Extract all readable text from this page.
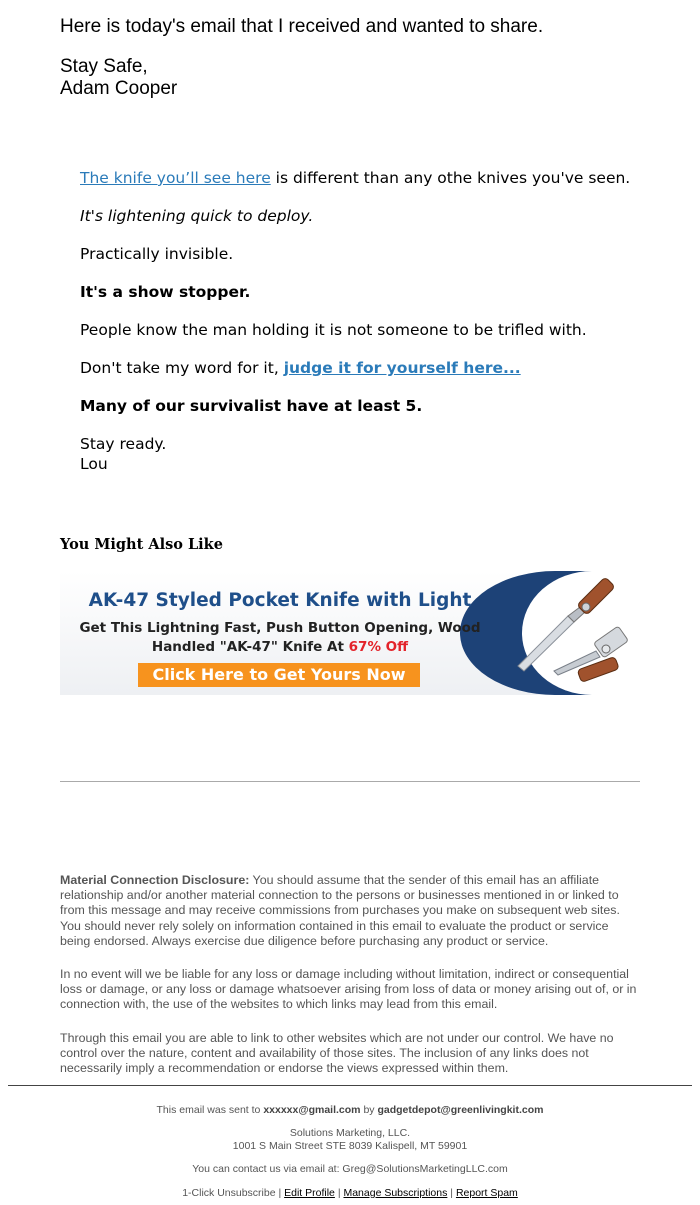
Here is today's email that I received and wanted to share.

Stay Safe,

Adam Cooper

The knife you’ll see here is different than any othe knives you've seen.

It's lightening quick to deploy.

Practically invisible.

It's a show stopper.

People know the man holding it is not someone to be trifled with.

Don't take my word for it, judge it for yourself here...

Many of our survivalist have at least 5.

Stay ready.
Lou

You Might Also Like
AK-47 Styled Pocket Knife with Light
Get This Lightning Fast, Push Button Opening, Wood
Handled "AK-47" Knife At 67% Off
Click Here to Get Yours Now

Material Connection Disclosure: You should assume that the sender of this email has an affiliate relationship and/or another material connection to the persons or businesses mentioned in or linked to from this message and may receive commissions from purchases you make on subsequent web sites. You should never rely solely on information contained in this email to evaluate the product or service being endorsed. Always exercise due diligence before purchasing any product or service.

In no event will we be liable for any loss or damage including without limitation, indirect or consequential loss or damage, or any loss or damage whatsoever arising from loss of data or money arising out of, or in connection with, the use of the websites to which links may lead from this email.

Through this email you are able to link to other websites which are not under our control. We have no control over the nature, content and availability of those sites. The inclusion of any links does not necessarily imply a recommendation or endorse the views expressed within them.

This email was sent to xxxxxx@gmail.com by gadgetdepot@greenlivingkit.com
Solutions Marketing, LLC.
1001 S Main Street STE 8039 Kalispell, MT 59901
You can contact us via email at: Greg@SolutionsMarketingLLC.com
1-Click Unsubscribe | Edit Profile | Manage Subscriptions | Report Spam
